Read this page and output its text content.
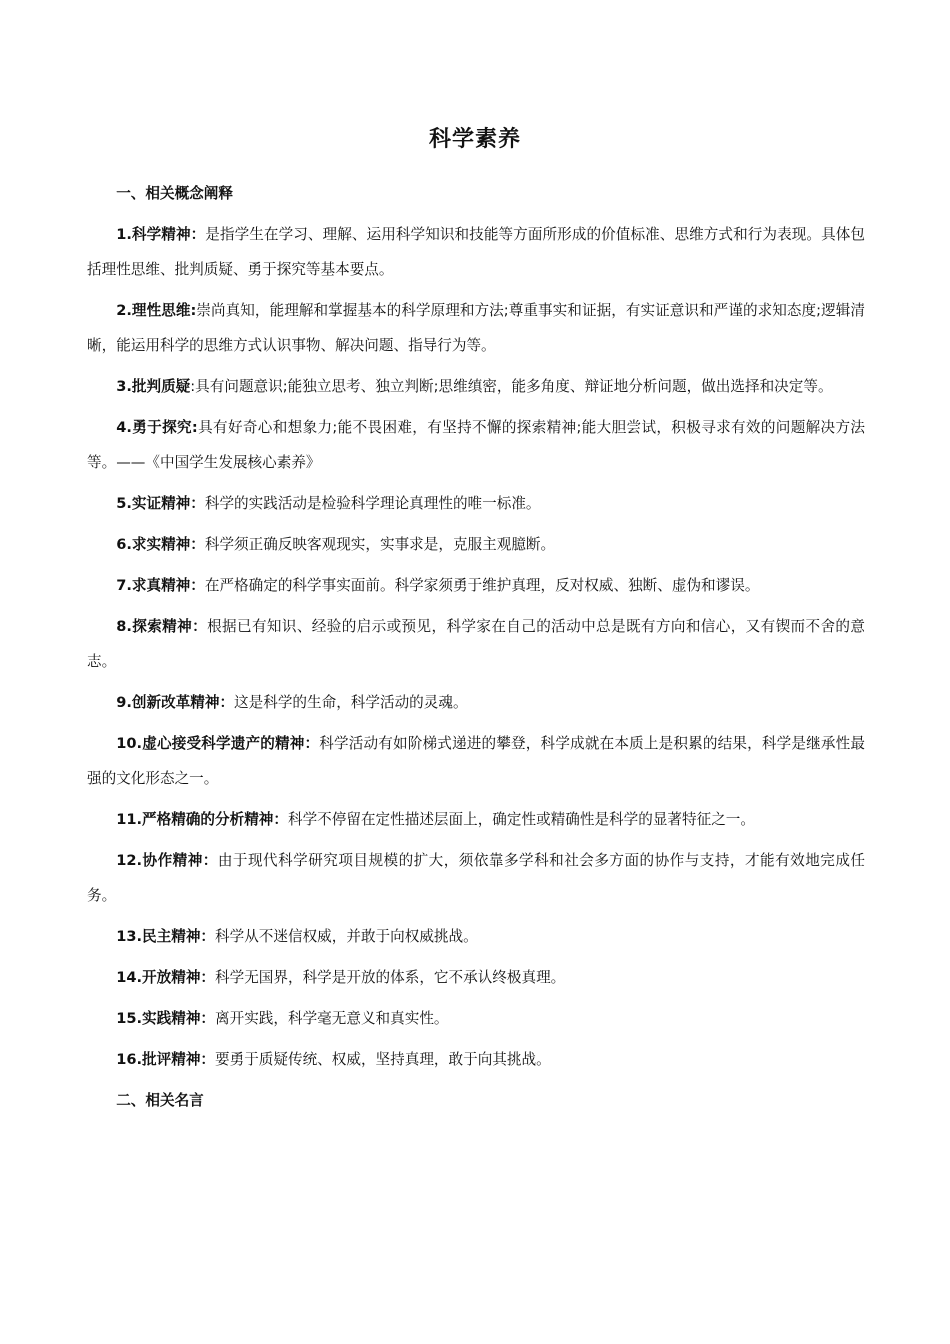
科学素养

一、相关概念阐释

1.科学精神：是指学生在学习、理解、运用科学知识和技能等方面所形成的价值标准、思维方式和行为表现。具体包括理性思维、批判质疑、勇于探究等基本要点。

2.理性思维:崇尚真知，能理解和掌握基本的科学原理和方法;尊重事实和证据，有实证意识和严谨的求知态度;逻辑清晰，能运用科学的思维方式认识事物、解决问题、指导行为等。

3.批判质疑:具有问题意识;能独立思考、独立判断;思维缜密，能多角度、辩证地分析问题，做出选择和决定等。

4.勇于探究:具有好奇心和想象力;能不畏困难，有坚持不懈的探索精神;能大胆尝试，积极寻求有效的问题解决方法等。——《中国学生发展核心素养》

5.实证精神：科学的实践活动是检验科学理论真理性的唯一标准。

6.求实精神：科学须正确反映客观现实，实事求是，克服主观臆断。

7.求真精神：在严格确定的科学事实面前。科学家须勇于维护真理，反对权威、独断、虚伪和谬误。

8.探索精神：根据已有知识、经验的启示或预见，科学家在自己的活动中总是既有方向和信心，又有锲而不舍的意志。

9.创新改革精神：这是科学的生命，科学活动的灵魂。

10.虚心接受科学遗产的精神：科学活动有如阶梯式递进的攀登，科学成就在本质上是积累的结果，科学是继承性最强的文化形态之一。

11.严格精确的分析精神：科学不停留在定性描述层面上，确定性或精确性是科学的显著特征之一。

12.协作精神：由于现代科学研究项目规模的扩大，须依靠多学科和社会多方面的协作与支持，才能有效地完成任务。

13.民主精神：科学从不迷信权威，并敢于向权威挑战。

14.开放精神：科学无国界，科学是开放的体系，它不承认终极真理。

15.实践精神：离开实践，科学毫无意义和真实性。

16.批评精神：要勇于质疑传统、权威，坚持真理，敢于向其挑战。

二、相关名言
